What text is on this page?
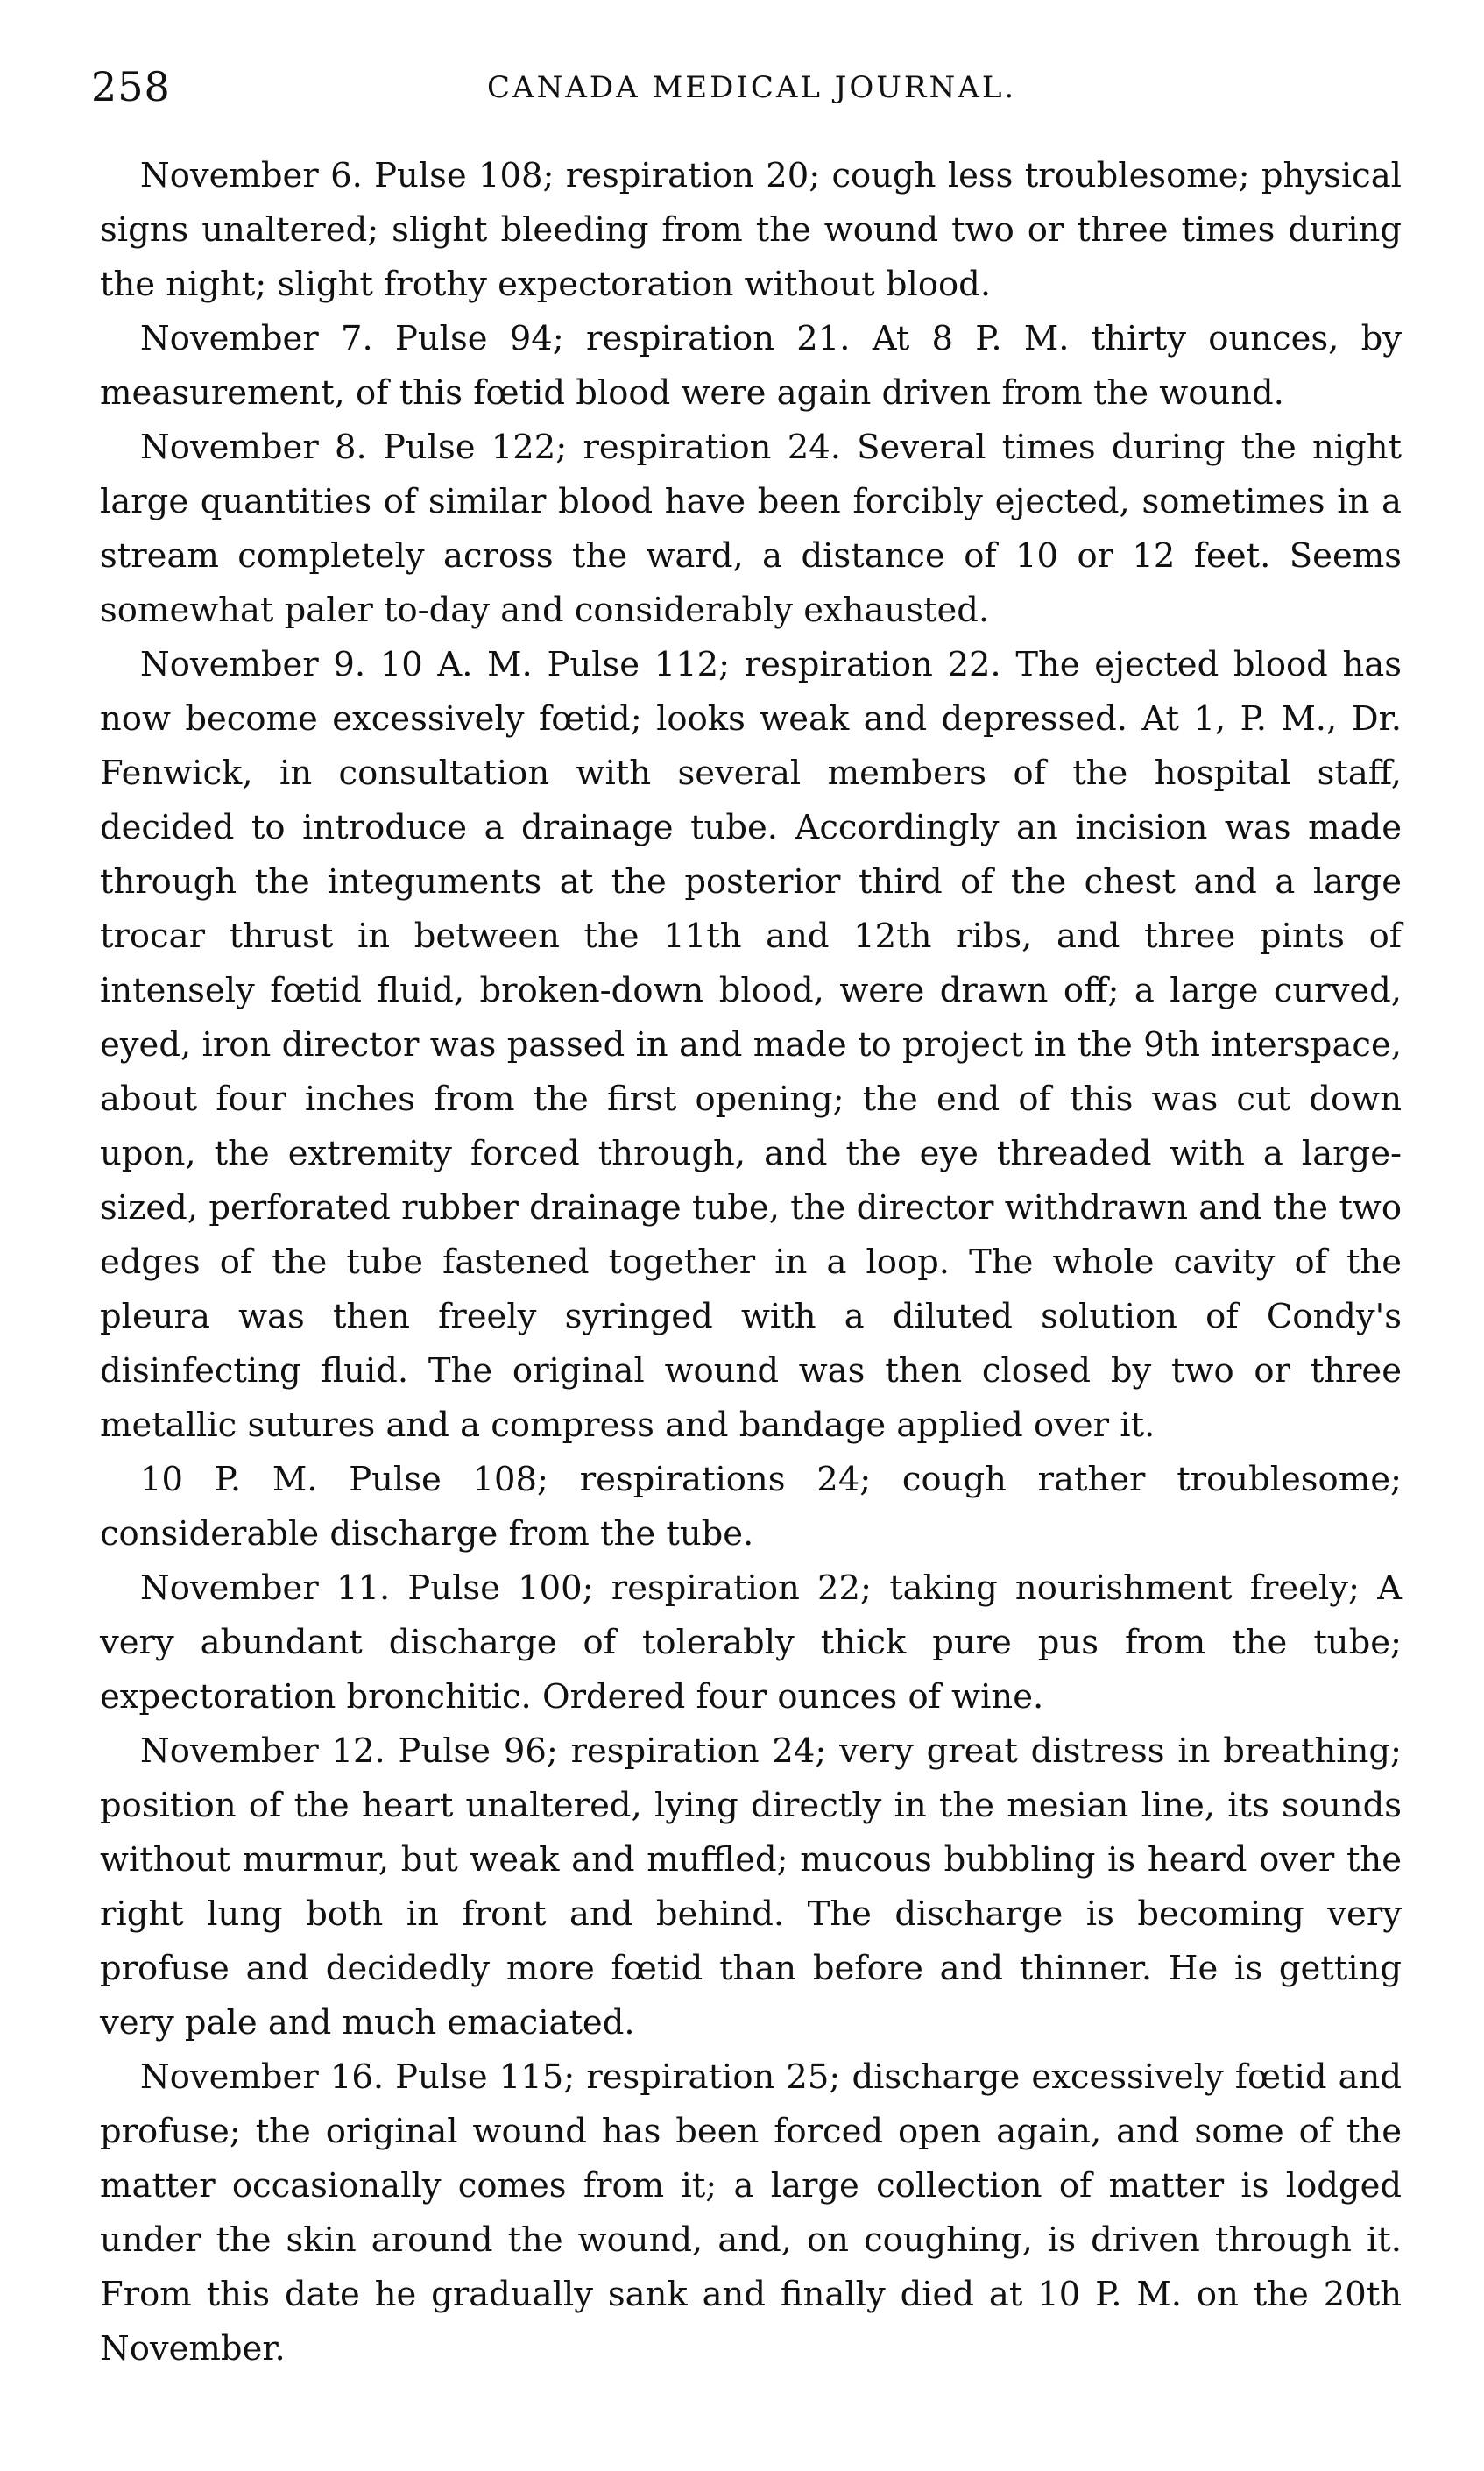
258	CANADA MEDICAL JOURNAL.

November 6. Pulse 108; respiration 20; cough less troublesome; physical signs unaltered; slight bleeding from the wound two or three times during the night; slight frothy expectoration without blood.

November 7. Pulse 94; respiration 21. At 8 P. M. thirty ounces, by measurement, of this fœtid blood were again driven from the wound.

November 8. Pulse 122; respiration 24. Several times during the night large quantities of similar blood have been forcibly ejected, sometimes in a stream completely across the ward, a distance of 10 or 12 feet. Seems somewhat paler to-day and considerably exhausted.

November 9. 10 A. M. Pulse 112; respiration 22. The ejected blood has now become excessively fœtid; looks weak and depressed. At 1, P. M., Dr. Fenwick, in consultation with several members of the hospital staff, decided to introduce a drainage tube. Accordingly an incision was made through the integuments at the posterior third of the chest and a large trocar thrust in between the 11th and 12th ribs, and three pints of intensely fœtid fluid, broken-down blood, were drawn off; a large curved, eyed, iron director was passed in and made to project in the 9th interspace, about four inches from the first opening; the end of this was cut down upon, the extremity forced through, and the eye threaded with a large-sized, perforated rubber drainage tube, the director withdrawn and the two edges of the tube fastened together in a loop. The whole cavity of the pleura was then freely syringed with a diluted solution of Condy's disinfecting fluid. The original wound was then closed by two or three metallic sutures and a compress and bandage applied over it.

10 P. M. Pulse 108; respirations 24; cough rather troublesome; considerable discharge from the tube.

November 11. Pulse 100; respiration 22; taking nourishment freely; A very abundant discharge of tolerably thick pure pus from the tube; expectoration bronchitic. Ordered four ounces of wine.

November 12. Pulse 96; respiration 24; very great distress in breathing; position of the heart unaltered, lying directly in the mesian line, its sounds without murmur, but weak and muffled; mucous bubbling is heard over the right lung both in front and behind. The discharge is becoming very profuse and decidedly more fœtid than before and thinner. He is getting very pale and much emaciated.

November 16. Pulse 115; respiration 25; discharge excessively fœtid and profuse; the original wound has been forced open again, and some of the matter occasionally comes from it; a large collection of matter is lodged under the skin around the wound, and, on coughing, is driven through it. From this date he gradually sank and finally died at 10 P. M. on the 20th November.
